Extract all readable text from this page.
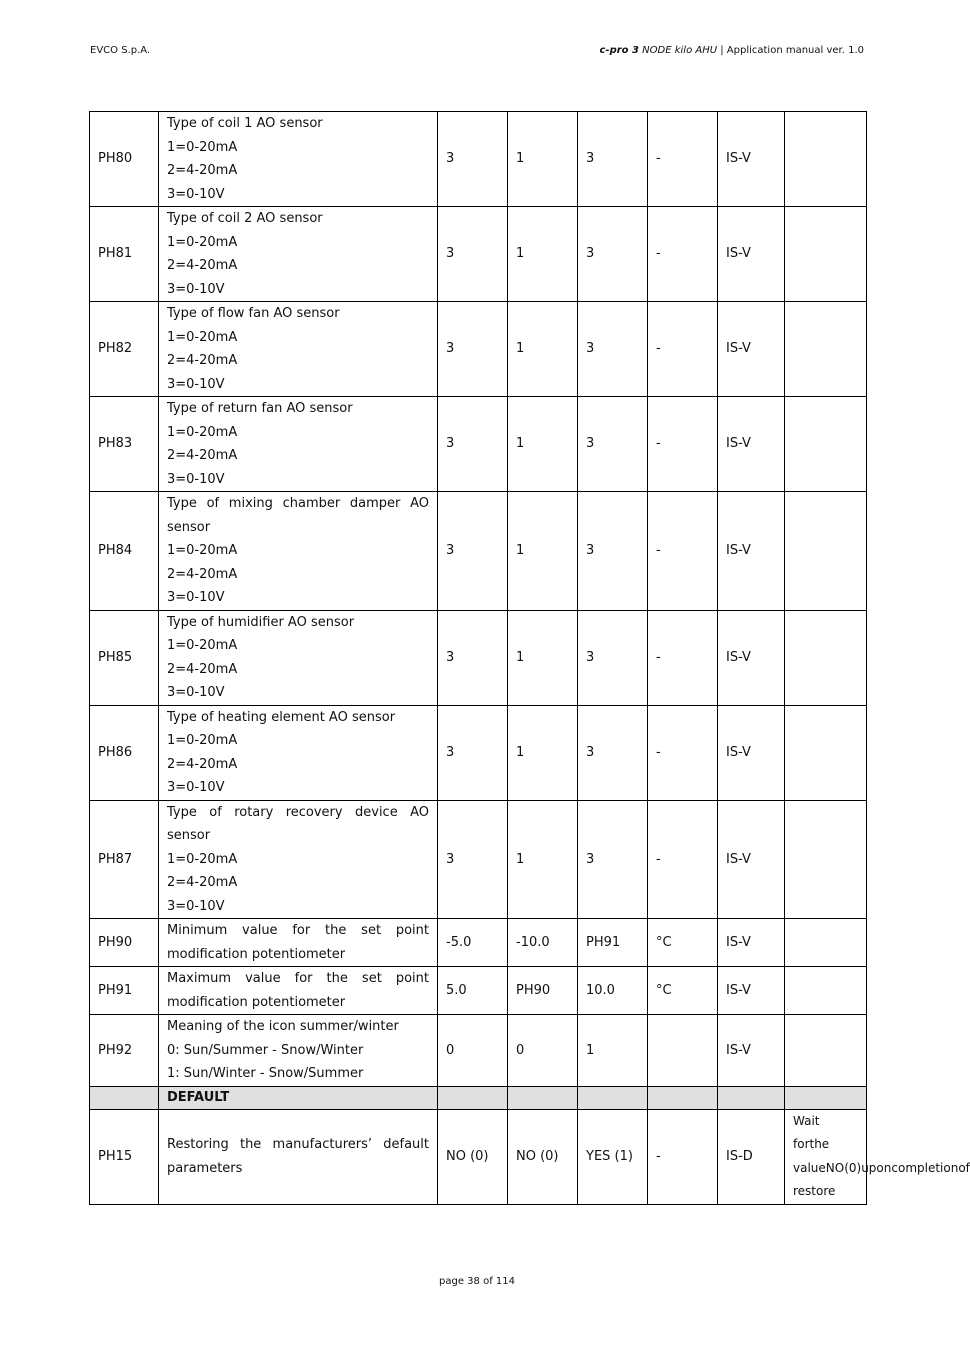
EVCO S.p.A.	c-pro 3 NODE kilo AHU | Application manual ver. 1.0
PH80	Type of coil 1 AO sensor
1=0-20mA
2=4-20mA
3=0-10V	3	1	3	-	IS-V	
PH81	Type of coil 2 AO sensor
1=0-20mA
2=4-20mA
3=0-10V	3	1	3	-	IS-V	
PH82	Type of flow fan AO sensor
1=0-20mA
2=4-20mA
3=0-10V	3	1	3	-	IS-V	
PH83	Type of return fan AO sensor
1=0-20mA
2=4-20mA
3=0-10V	3	1	3	-	IS-V	
PH84	Type of mixing chamber damper AO
sensor
1=0-20mA
2=4-20mA
3=0-10V	3	1	3	-	IS-V	
PH85	Type of humidifier AO sensor
1=0-20mA
2=4-20mA
3=0-10V	3	1	3	-	IS-V	
PH86	Type of heating element AO sensor
1=0-20mA
2=4-20mA
3=0-10V	3	1	3	-	IS-V	
PH87	Type of rotary recovery device AO
sensor
1=0-20mA
2=4-20mA
3=0-10V	3	1	3	-	IS-V	
PH90	Minimum value for the set point
modification potentiometer	-5.0	-10.0	PH91	°C	IS-V	
PH91	Maximum value for the set point
modification potentiometer	5.0	PH90	10.0	°C	IS-V	
PH92	Meaning of the icon summer/winter
0: Sun/Summer - Snow/Winter
1: Sun/Winter - Snow/Summer	0	0	1		IS-V	
	DEFAULT						
PH15	Restoring the manufacturers’ default
parameters	NO (0)	NO (0)	YES (1)	-	IS-D	Wait forthe valueNO(0)uponcompletionof restore
page 38 of 114
